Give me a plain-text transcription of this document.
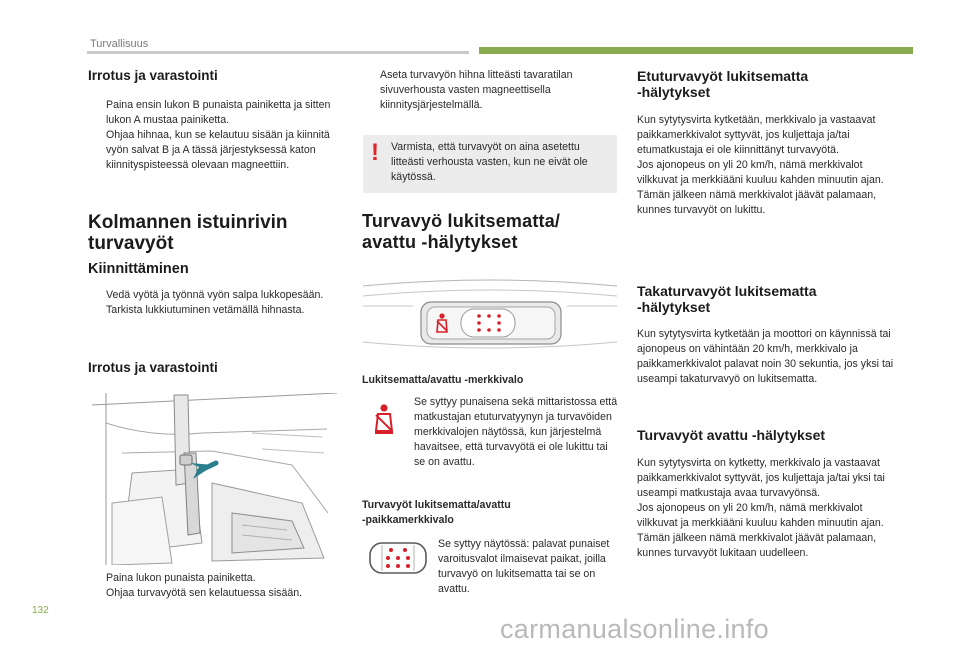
Turvallisuus
Irrotus ja varastointi
Paina ensin lukon B punaista painiketta ja sitten lukon A mustaa painiketta.
Ohjaa hihnaa, kun se kelautuu sisään ja kiinnitä vyön salvat B ja A tässä järjestyksessä katon kiinnityspisteessä olevaan magneettiin.
Kolmannen istuinrivin
turvavyöt
Kiinnittäminen
Vedä vyötä ja työnnä vyön salpa lukkopesään.
Tarkista lukkiutuminen vetämällä hihnasta.
Irrotus ja varastointi
Paina lukon punaista painiketta.
Ohjaa turvavyötä sen kelautuessa sisään.
Aseta turvavyön hihna litteästi tavaratilan sivuverhousta vasten magneettisella kiinnitysjärjestelmällä.
! Varmista, että turvavyöt on aina asetettu litteästi verhousta vasten, kun ne eivät ole käytössä.
Turvavyö lukitsematta/
avattu -hälytykset
Lukitsematta/avattu -merkkivalo
Se syttyy punaisena sekä mittaristossa että matkustajan etuturvatyynyn ja turvavöiden merkkivalojen näytössä, kun järjestelmä havaitsee, että turvavyötä ei ole lukittu tai se on avattu.
Turvavyöt lukitsematta/avattu
-paikkamerkkivalo
Se syttyy näytössä: palavat punaiset varoitusvalot ilmaisevat paikat, joilla turvavyö on lukitsematta tai se on avattu.
Etuturvavyöt lukitsematta
-hälytykset
Kun sytytysvirta kytketään, merkkivalo ja vastaavat paikkamerkkivalot syttyvät, jos kuljettaja ja/tai etumatkustaja ei ole kiinnittänyt turvavyötä.
Jos ajonopeus on yli 20 km/h, nämä merkkivalot vilkkuvat ja merkkiääni kuuluu kahden minuutin ajan. Tämän jälkeen nämä merkkivalot jäävät palamaan, kunnes turvavyöt on lukittu.
Takaturvavyöt lukitsematta
-hälytykset
Kun sytytysvirta kytketään ja moottori on käynnissä tai ajonopeus on vähintään 20 km/h, merkkivalo ja paikkamerkkivalot palavat noin 30 sekuntia, jos yksi tai useampi takaturvavyö on lukitsematta.
Turvavyöt avattu -hälytykset
Kun sytytysvirta on kytketty, merkkivalo ja vastaavat paikkamerkkivalot syttyvät, jos kuljettaja ja/tai yksi tai useampi matkustaja avaa turvavyönsä.
Jos ajonopeus on yli 20 km/h, nämä merkkivalot vilkkuvat ja merkkiääni kuuluu kahden minuutin ajan. Tämän jälkeen nämä merkkivalot jäävät palamaan, kunnes turvavyöt lukitaan uudelleen.
132
carmanualsonline.info
